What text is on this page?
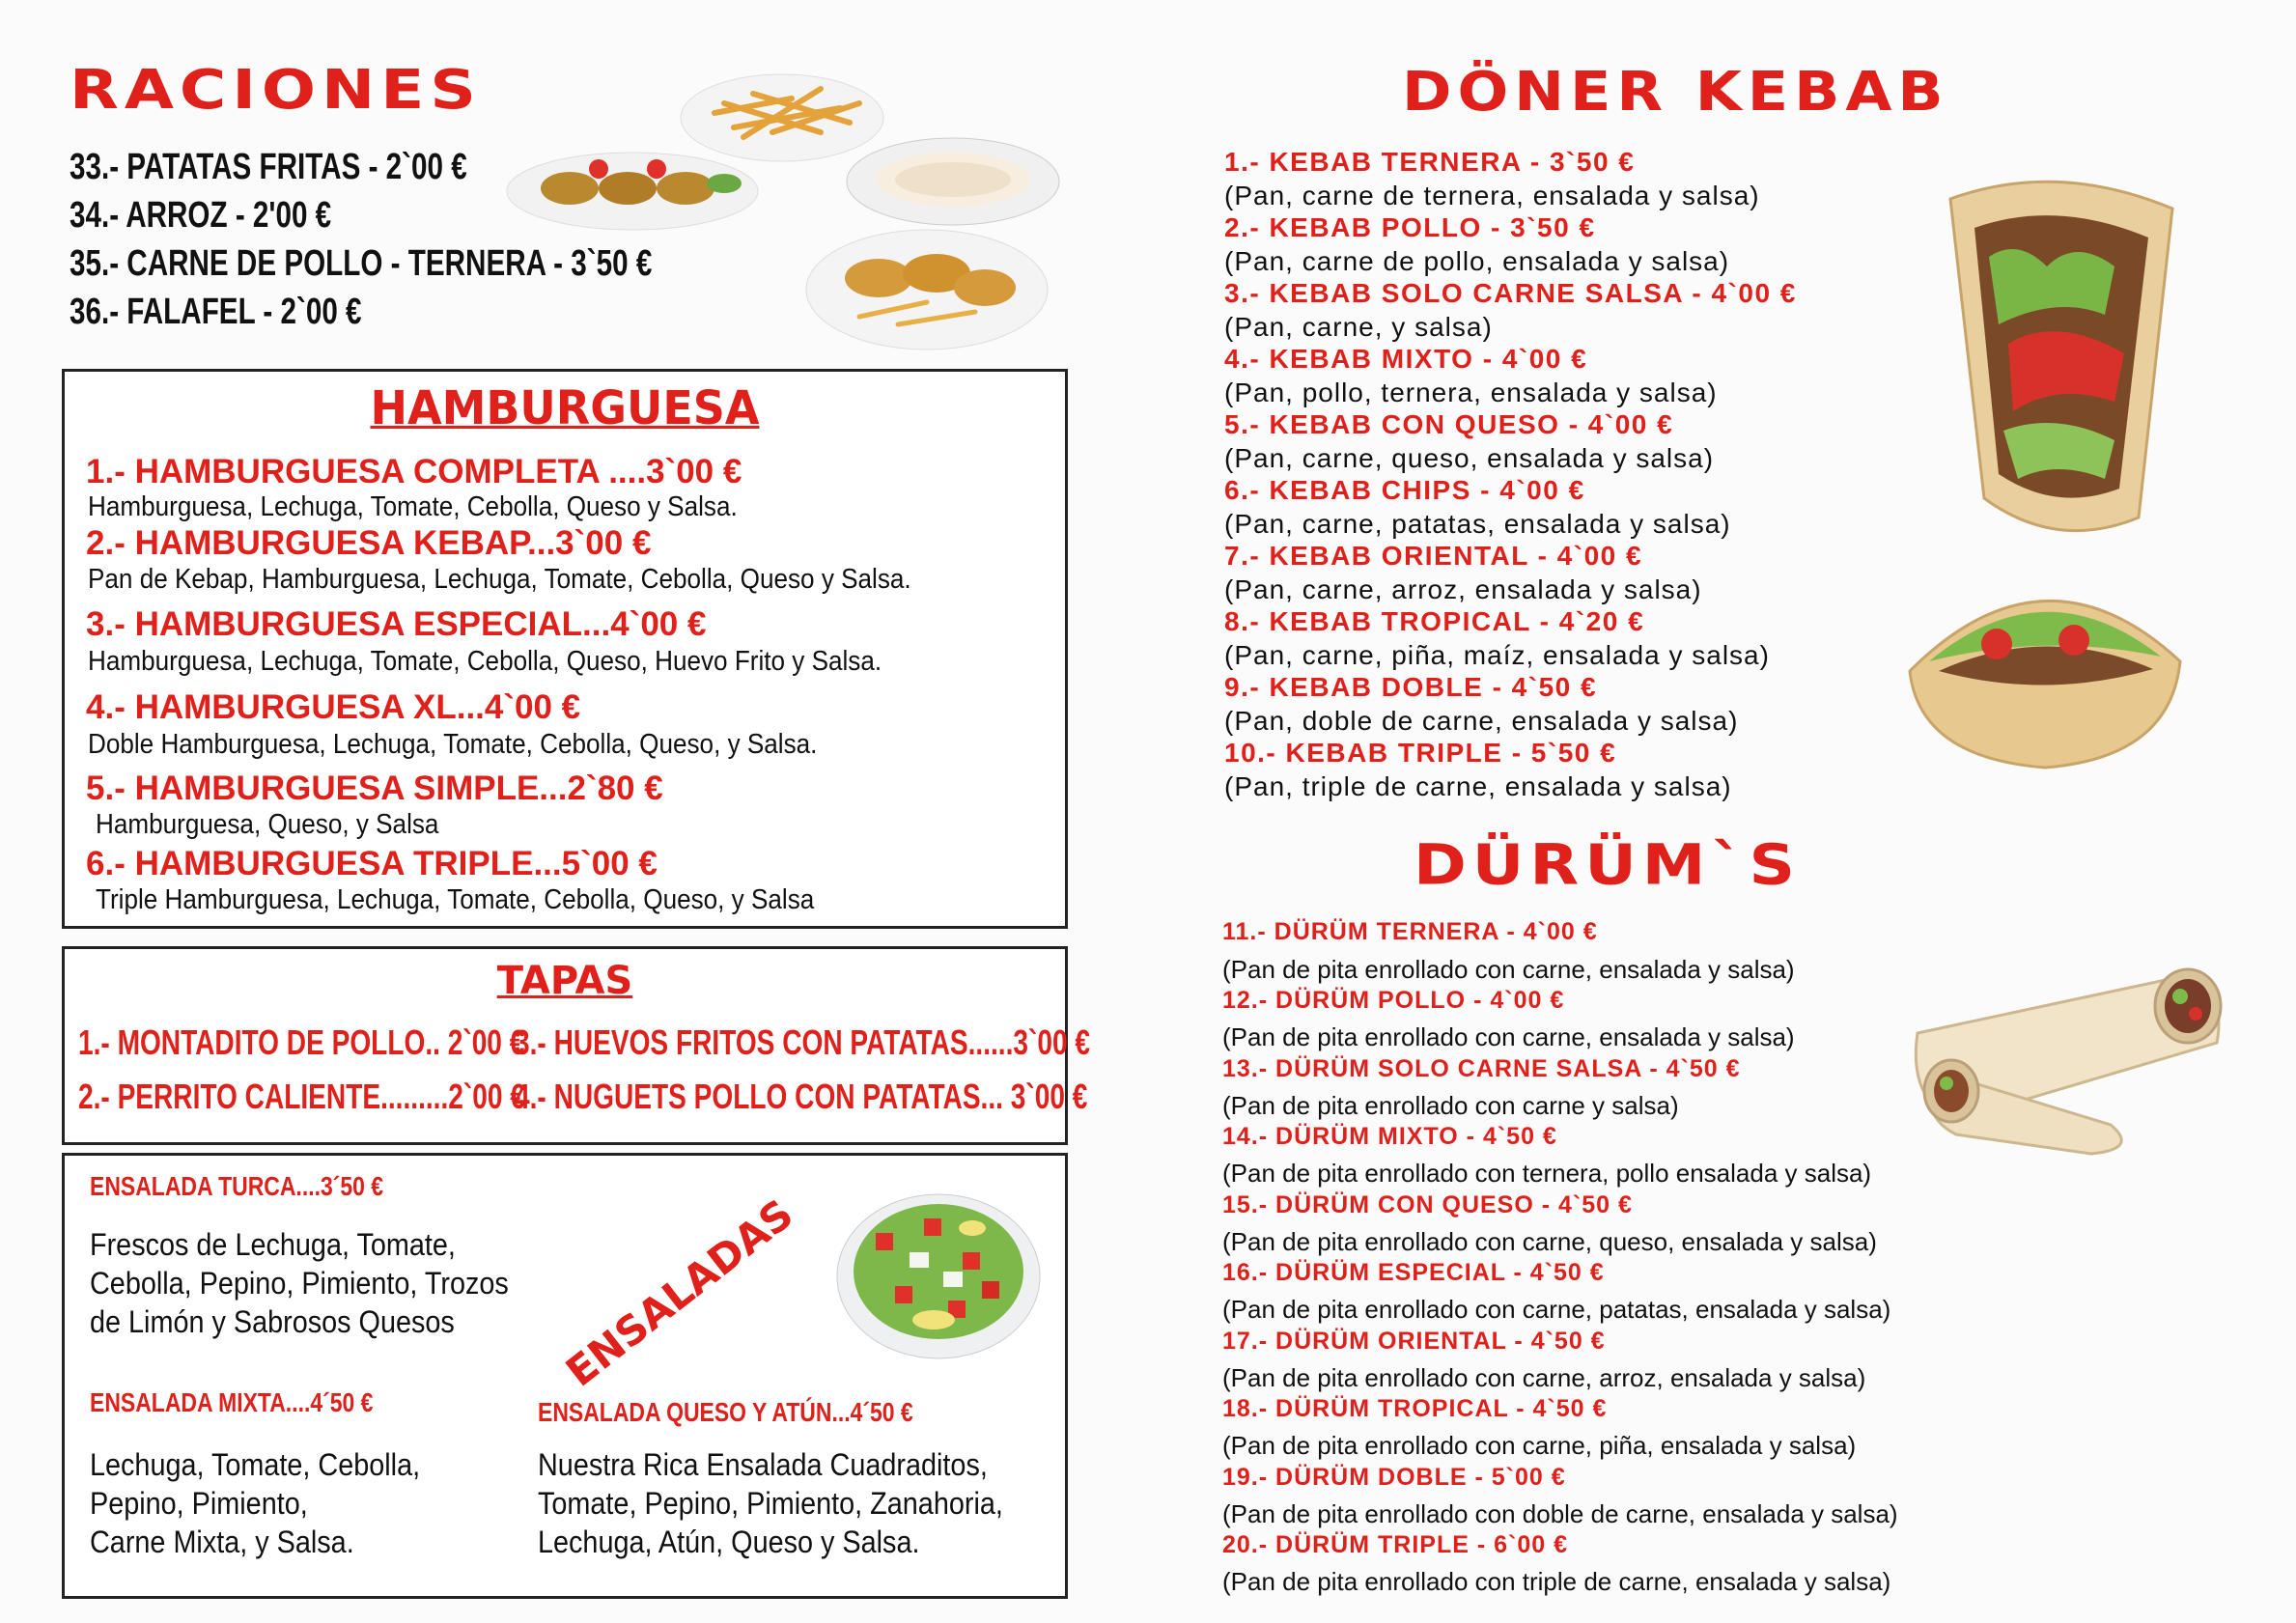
RACIONES
33.- PATATAS FRITAS - 2`00 €
34.- ARROZ - 2'00 €
35.- CARNE DE POLLO - TERNERA - 3`50 €
36.- FALAFEL - 2`00 €
HAMBURGUESA
1.- HAMBURGUESA COMPLETA ....3`00 €
Hamburguesa, Lechuga, Tomate, Cebolla, Queso y Salsa.
2.- HAMBURGUESA KEBAP...3`00 €
Pan de Kebap, Hamburguesa, Lechuga, Tomate, Cebolla, Queso y Salsa.
3.- HAMBURGUESA ESPECIAL...4`00 €
Hamburguesa, Lechuga, Tomate, Cebolla, Queso, Huevo Frito y Salsa.
4.- HAMBURGUESA XL...4`00 €
Doble Hamburguesa, Lechuga, Tomate, Cebolla, Queso, y Salsa.
5.- HAMBURGUESA SIMPLE...2`80 €
Hamburguesa, Queso, y Salsa
6.- HAMBURGUESA TRIPLE...5`00 €
Triple Hamburguesa, Lechuga, Tomate, Cebolla, Queso, y Salsa
TAPAS
1.- MONTADITO DE POLLO.. 2`00 €
2.- PERRITO CALIENTE.........2`00 €
3.- HUEVOS FRITOS CON PATATAS......3`00 €
4.- NUGUETS POLLO CON PATATAS... 3`00 €
ENSALADA TURCA....3´50 €
Frescos de Lechuga, Tomate,
Cebolla, Pepino, Pimiento, Trozos
de Limón y Sabrosos Quesos
ENSALADA MIXTA....4´50 €
Lechuga, Tomate, Cebolla,
Pepino, Pimiento,
Carne Mixta, y Salsa.
ENSALADA QUESO Y ATÚN...4´50 €
Nuestra Rica Ensalada Cuadraditos,
Tomate, Pepino, Pimiento, Zanahoria,
Lechuga, Atún, Queso y Salsa.
ENSALADAS
DÖNER KEBAB
1.- KEBAB TERNERA - 3`50 €
(Pan, carne de ternera, ensalada y salsa)
2.- KEBAB POLLO - 3`50 €
(Pan, carne de pollo, ensalada y salsa)
3.- KEBAB SOLO CARNE SALSA - 4`00 €
(Pan, carne, y salsa)
4.- KEBAB MIXTO - 4`00 €
(Pan, pollo, ternera, ensalada y salsa)
5.- KEBAB CON QUESO - 4`00 €
(Pan, carne, queso, ensalada y salsa)
6.- KEBAB CHIPS - 4`00 €
(Pan, carne, patatas, ensalada y salsa)
7.- KEBAB ORIENTAL - 4`00 €
(Pan, carne, arroz, ensalada y salsa)
8.- KEBAB TROPICAL - 4`20 €
(Pan, carne, piña, maíz, ensalada y salsa)
9.- KEBAB DOBLE - 4`50 €
(Pan, doble de carne, ensalada y salsa)
10.- KEBAB TRIPLE - 5`50 €
(Pan, triple de carne, ensalada y salsa)
DÜRÜM`S
11.- DÜRÜM TERNERA - 4`00 €
(Pan de pita enrollado con carne, ensalada y salsa)
12.- DÜRÜM POLLO - 4`00 €
(Pan de pita enrollado con carne, ensalada y salsa)
13.- DÜRÜM SOLO CARNE SALSA - 4`50 €
(Pan de pita enrollado con carne y salsa)
14.- DÜRÜM MIXTO - 4`50 €
(Pan de pita enrollado con ternera, pollo ensalada y salsa)
15.- DÜRÜM CON QUESO - 4`50 €
(Pan de pita enrollado con carne, queso, ensalada y salsa)
16.- DÜRÜM ESPECIAL - 4`50 €
(Pan de pita enrollado con carne, patatas, ensalada y salsa)
17.- DÜRÜM ORIENTAL - 4`50 €
(Pan de pita enrollado con carne, arroz, ensalada y salsa)
18.- DÜRÜM TROPICAL - 4`50 €
(Pan de pita enrollado con carne, piña, ensalada y salsa)
19.- DÜRÜM DOBLE - 5`00 €
(Pan de pita enrollado con doble de carne, ensalada y salsa)
20.- DÜRÜM TRIPLE - 6`00 €
(Pan de pita enrollado con triple de carne, ensalada y salsa)
